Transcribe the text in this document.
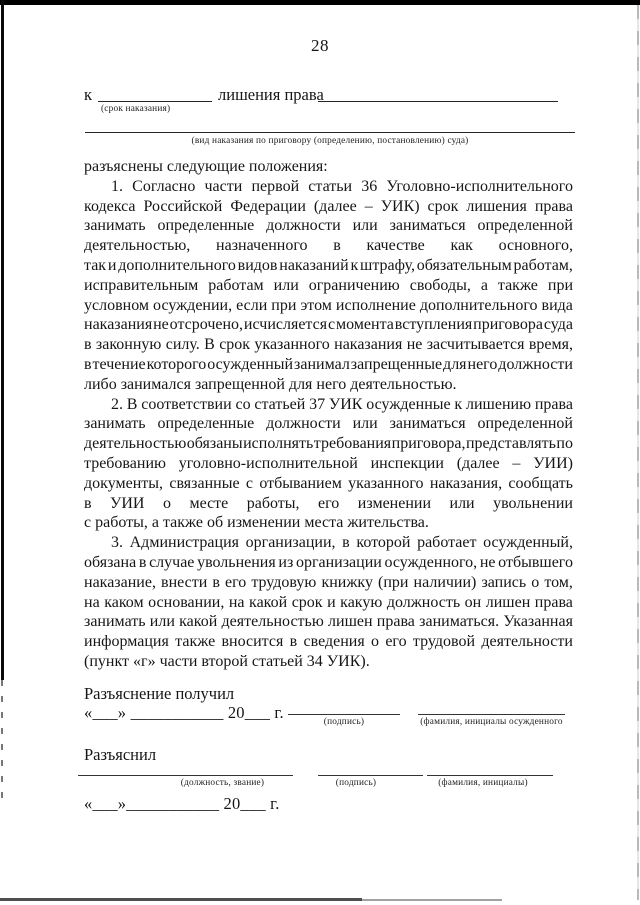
28
к
(срок наказания)
лишения права
(вид наказания по приговору (определению, постановлению) суда)
разъяснены следующие положения:
1. Согласно части первой статьи 36 Уголовно-исполнительного
кодекса Российской Федерации (далее – УИК) срок лишения права
занимать определенные должности или заниматься определенной
деятельностью, назначенного в качестве как основного,
так и дополнительного видов наказаний к штрафу, обязательным работам,
исправительным работам или ограничению свободы, а также при
условном осуждении, если при этом исполнение дополнительного вида
наказания не отсрочено, исчисляется с момента вступления приговора суда
в законную силу. В срок указанного наказания не засчитывается время,
в течение которого осужденный занимал запрещенные для него должности
либо занимался запрещенной для него деятельностью.
2. В соответствии со статьей 37 УИК осужденные к лишению права
занимать определенные должности или заниматься определенной
деятельностью обязаны исполнять требования приговора, представлять по
требованию уголовно-исполнительной инспекции (далее – УИИ)
документы, связанные с отбыванием указанного наказания, сообщать
в УИИ о месте работы, его изменении или увольнении
с работы, а также об изменении места жительства.
3. Администрация организации, в которой работает осужденный,
обязана в случае увольнения из организации осужденного, не отбывшего
наказание, внести в его трудовую книжку (при наличии) запись о том,
на каком основании, на какой срок и какую должность он лишен права
занимать или какой деятельностью лишен права заниматься. Указанная
информация также вносится в сведения о его трудовой деятельности
(пункт «г» части второй статьей 34 УИК).
Разъяснение получил
«___» ___________ 20___ г.	(подпись)	(фамилия, инициалы осужденного
Разъяснил
(должность, звание)	(подпись)	(фамилия, инициалы)
«___»___________ 20___ г.
